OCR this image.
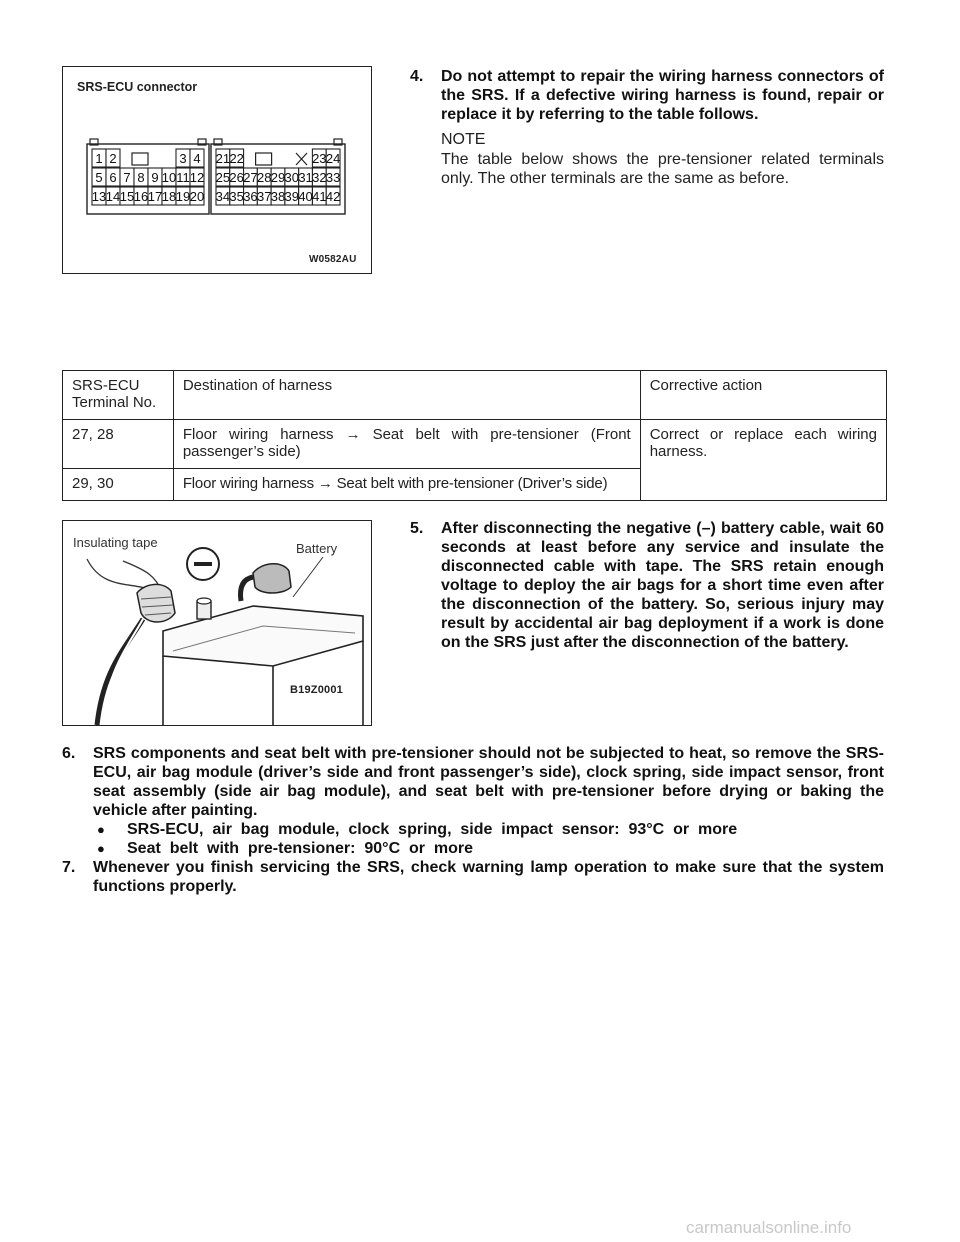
SRS-ECU connector
1 2	3 4
5 6 7 8 9 10 11 12
13 14 15 16 17 18 19 20
21 22	23 24
25 26 27 28 29 30 31 32 33
34 35 36 37 38 39 40 41 42
W0582AU
4.	Do not attempt to repair the wiring harness connectors of the SRS. If a defective wiring harness is found, repair or replace it by referring to the table follows.
NOTE
The table below shows the pre-tensioner related terminals only. The other terminals are the same as before.
SRS-ECU
Terminal No.	Destination of harness	Corrective action
27, 28	Floor wiring harness → Seat belt with pre-tensioner (Front passenger’s side)	Correct or replace each wiring harness.
29, 30	Floor wiring harness → Seat belt with pre-tensioner (Driver’s side)	
Insulating tape	Battery
B19Z0001
5.	After disconnecting the negative (–) battery cable, wait 60 seconds at least before any service and insulate the disconnected cable with tape. The SRS retain enough voltage to deploy the air bags for a short time even after the disconnection of the battery. So, serious injury may result by accidental air bag deployment if a work is done on the SRS just after the disconnection of the battery.
6.	SRS components and seat belt with pre-tensioner should not be subjected to heat, so remove the SRS-ECU, air bag module (driver’s side and front passenger’s side), clock spring, side impact sensor, front seat assembly (side air bag module), and seat belt with pre-tensioner before drying or baking the vehicle after painting.
● SRS-ECU,  air  bag  module,  clock  spring,  side  impact  sensor:  93°C  or  more
● Seat  belt  with  pre-tensioner:  90°C  or  more
7.	Whenever you finish servicing the SRS, check warning lamp operation to make sure that the system functions properly.
carmanualsonline.info
